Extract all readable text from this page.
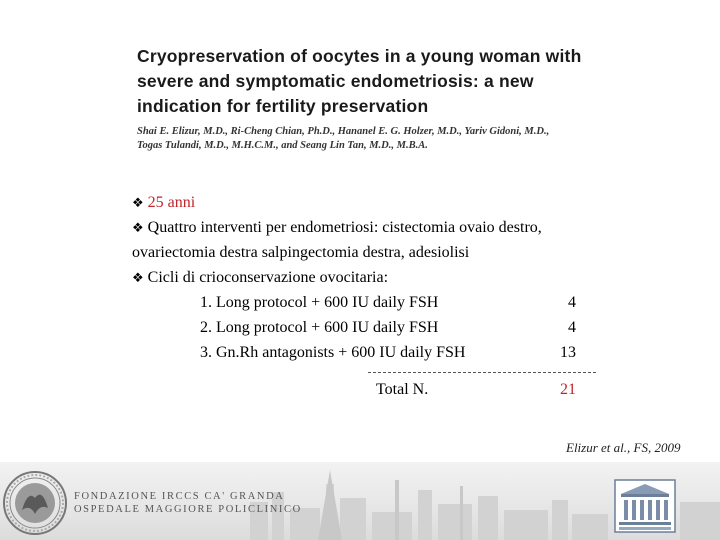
Cryopreservation of oocytes in a young woman with
severe and symptomatic endometriosis: a new
indication for fertility preservation
Shai E. Elizur, M.D., Ri-Cheng Chian, Ph.D., Hananel E. G. Holzer, M.D., Yariv Gidoni, M.D.,
Togas Tulandi, M.D., M.H.C.M., and Seang Lin Tan, M.D., M.B.A.
❖ 25 anni
❖ Quattro interventi per endometriosi: cistectomia ovaio destro,
ovariectomia destra salpingectomia destra, adesiolisi
❖ Cicli di crioconservazione ovocitaria:
1. Long protocol + 600 IU daily FSH	4
2. Long protocol + 600 IU daily FSH	4
3. Gn.Rh antagonists + 600 IU daily FSH	13
Total N.	21
Elizur et al., FS, 2009
FONDAZIONE IRCCS CA' GRANDA
OSPEDALE MAGGIORE POLICLINICO
